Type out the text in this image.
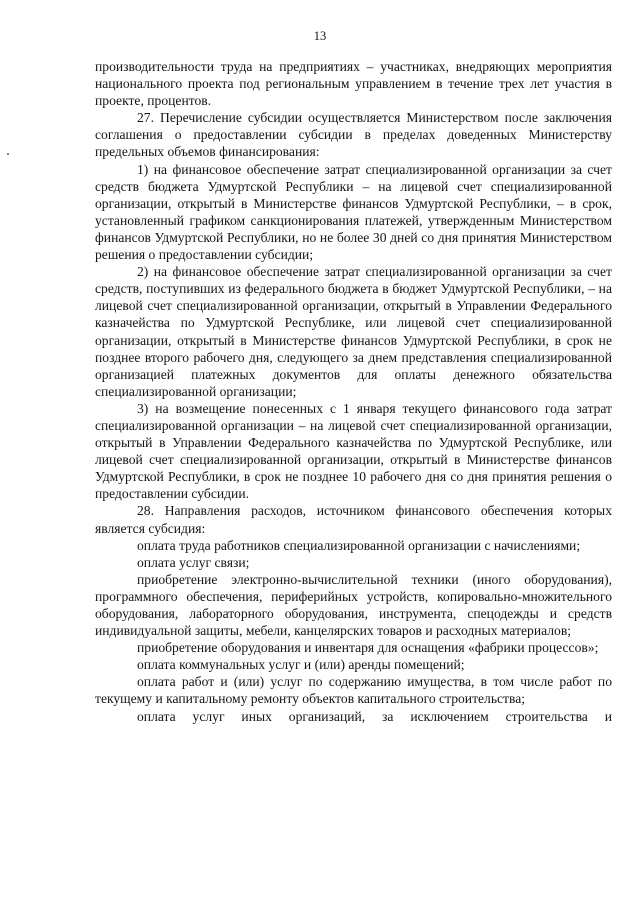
13

производительности труда на предприятиях – участниках, внедряющих мероприятия национального проекта под региональным управлением в течение трех лет участия в проекте, процентов.

27. Перечисление субсидии осуществляется Министерством после заключения соглашения о предоставлении субсидии в пределах доведенных Министерству предельных объемов финансирования:

1) на финансовое обеспечение затрат специализированной организации за счет средств бюджета Удмуртской Республики – на лицевой счет специализированной организации, открытый в Министерстве финансов Удмуртской Республики, – в срок, установленный графиком санкционирования платежей, утвержденным Министерством финансов Удмуртской Республики, но не более 30 дней со дня принятия Министерством решения о предоставлении субсидии;

2) на финансовое обеспечение затрат специализированной организации за счет средств, поступивших из федерального бюджета в бюджет Удмуртской Республики, – на лицевой счет специализированной организации, открытый в Управлении Федерального казначейства по Удмуртской Республике, или лицевой счет специализированной организации, открытый в Министерстве финансов Удмуртской Республики, в срок не позднее второго рабочего дня, следующего за днем представления специализированной организацией платежных документов для оплаты денежного обязательства специализированной организации;

3) на возмещение понесенных с 1 января текущего финансового года затрат специализированной организации – на лицевой счет специализированной организации, открытый в Управлении Федерального казначейства по Удмуртской Республике, или лицевой счет специализированной организации, открытый в Министерстве финансов Удмуртской Республики, в срок не позднее 10 рабочего дня со дня принятия решения о предоставлении субсидии.

28. Направления расходов, источником финансового обеспечения которых является субсидия:

оплата труда работников специализированной организации с начислениями;

оплата услуг связи;

приобретение электронно-вычислительной техники (иного оборудования), программного обеспечения, периферийных устройств, копировально-множительного оборудования, лабораторного оборудования, инструмента, спецодежды и средств индивидуальной защиты, мебели, канцелярских товаров и расходных материалов;

приобретение оборудования и инвентаря для оснащения «фабрики процессов»;

оплата коммунальных услуг и (или) аренды помещений;

оплата работ и (или) услуг по содержанию имущества, в том числе работ по текущему и капитальному ремонту объектов капитального строительства;

оплата услуг иных организаций, за исключением строительства и
